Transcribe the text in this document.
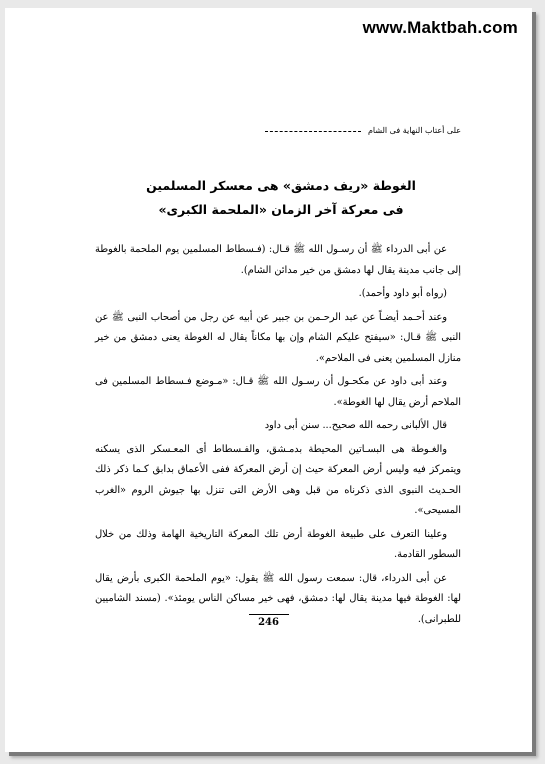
www.Maktbah.com
على أعتاب النهاية فى الشام
الغوطة «ريف دمشق» هى معسكر المسلمين
فى معركة آخر الزمان «الملحمة الكبرى»

عن أبى الدرداء ﷺ أن رسـول الله ﷺ قـال: (فـسطاط المسلمين يوم الملحمة بالغوطة إلى جانب مدينة يقال لها دمشق من خير مدائن الشام).

(رواه أبو داود وأحمد).

وعند أحـمد أيضـاً عن عبد الرحـمن بن جبير عن أبيه عن رجل من أصحاب النبى ﷺ عن النبى ﷺ قـال: «سيفتح عليكم الشام وإن بها مكاناً يقال له الغوطة يعنى دمشق من خير منازل المسلمين يعنى فى الملاحم».

وعند أبى داود عن مكحـول أن رسـول الله ﷺ قـال: «مـوضع فـسطاط المسلمين فى الملاحم أرض يقال لها الغوطة».

قال الألبانى رحمه الله صحيح... سنن أبى داود

والغـوطة هى البسـاتين المحيطة بدمـشق، والفـسطاط أى المعـسكر الذى يسكنه ويتمركز فيه وليس أرض المعركة حيث إن أرض المعركة ففى الأعماق بدابق كـما ذكر ذلك الحـديث النبوى الذى ذكرناه من قبل وهى الأرض التى تنزل بها جيوش الروم «الغرب المسيحى».

وعلينا التعرف على طبيعة الغوطة أرض تلك المعركة التاريخية الهامة وذلك من خلال السطور القادمة.

عن أبى الدرداء، قال: سمعت رسول الله ﷺ يقول: «يوم الملحمة الكبرى بأرض يقال لها: الغوطة فيها مدينة يقال لها: دمشق، فهى خير مساكن الناس يومئذ». (مسند الشاميين للطبرانى).

246
